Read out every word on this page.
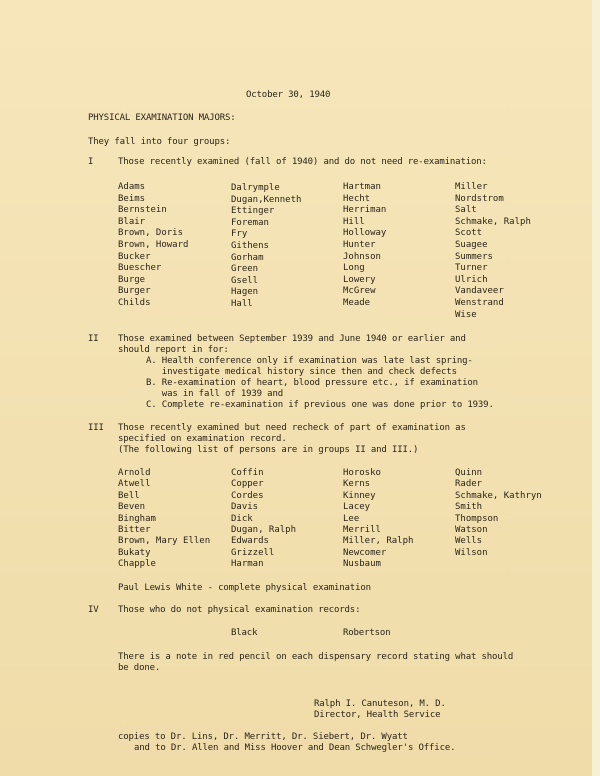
October 30, 1940
PHYSICAL EXAMINATION MAJORS:
They fall into four groups:
I	Those recently examined (fall of 1940) and do not need re-examination:
Adams
Beims
Bernstein
Blair
Brown, Doris
Brown, Howard
Bucker
Buescher
Burge
Burger
Childs
Dalrymple
Dugan,Kenneth
Ettinger
Foreman
Fry
Githens
Gorham
Green
Gsell
Hagen
Hall
Hartman
Hecht
Herriman
Hill
Holloway
Hunter
Johnson
Long
Lowery
McGrew
Meade
Miller
Nordstrom
Salt
Schmake, Ralph
Scott
Suagee
Summers
Turner
Ulrich
Vandaveer
Wenstrand
Wise
II Those examined between September 1939 and June 1940 or earlier and
should report in for:
A. Health conference only if examination was late last spring-
investigate medical history since then and check defects
B. Re-examination of heart, blood pressure etc., if examination
was in fall of 1939 and
C. Complete re-examination if previous one was done prior to 1939.
III Those recently examined but need recheck of part of examination as
specified on examination record.
(The following list of persons are in groups II and III.)
Arnold
Atwell
Bell
Beven
Bingham
Bitter
Brown, Mary Ellen
Bukaty
Chapple
Coffin
Copper
Cordes
Davis
Dick
Dugan, Ralph
Edwards
Grizzell
Harman
Horosko
Kerns
Kinney
Lacey
Lee
Merrill
Miller, Ralph
Newcomer
Nusbaum
Quinn
Rader
Schmake, Kathryn
Smith
Thompson
Watson
Wells
Wilson
Paul Lewis White - complete physical examination
IV Those who do not physical examination records:
Black	Robertson
There is a note in red pencil on each dispensary record stating what should
be done.
Ralph I. Canuteson, M. D.
Director, Health Service
copies to Dr. Lins, Dr. Merritt, Dr. Siebert, Dr. Wyatt
and to Dr. Allen and Miss Hoover and Dean Schwegler's Office.
